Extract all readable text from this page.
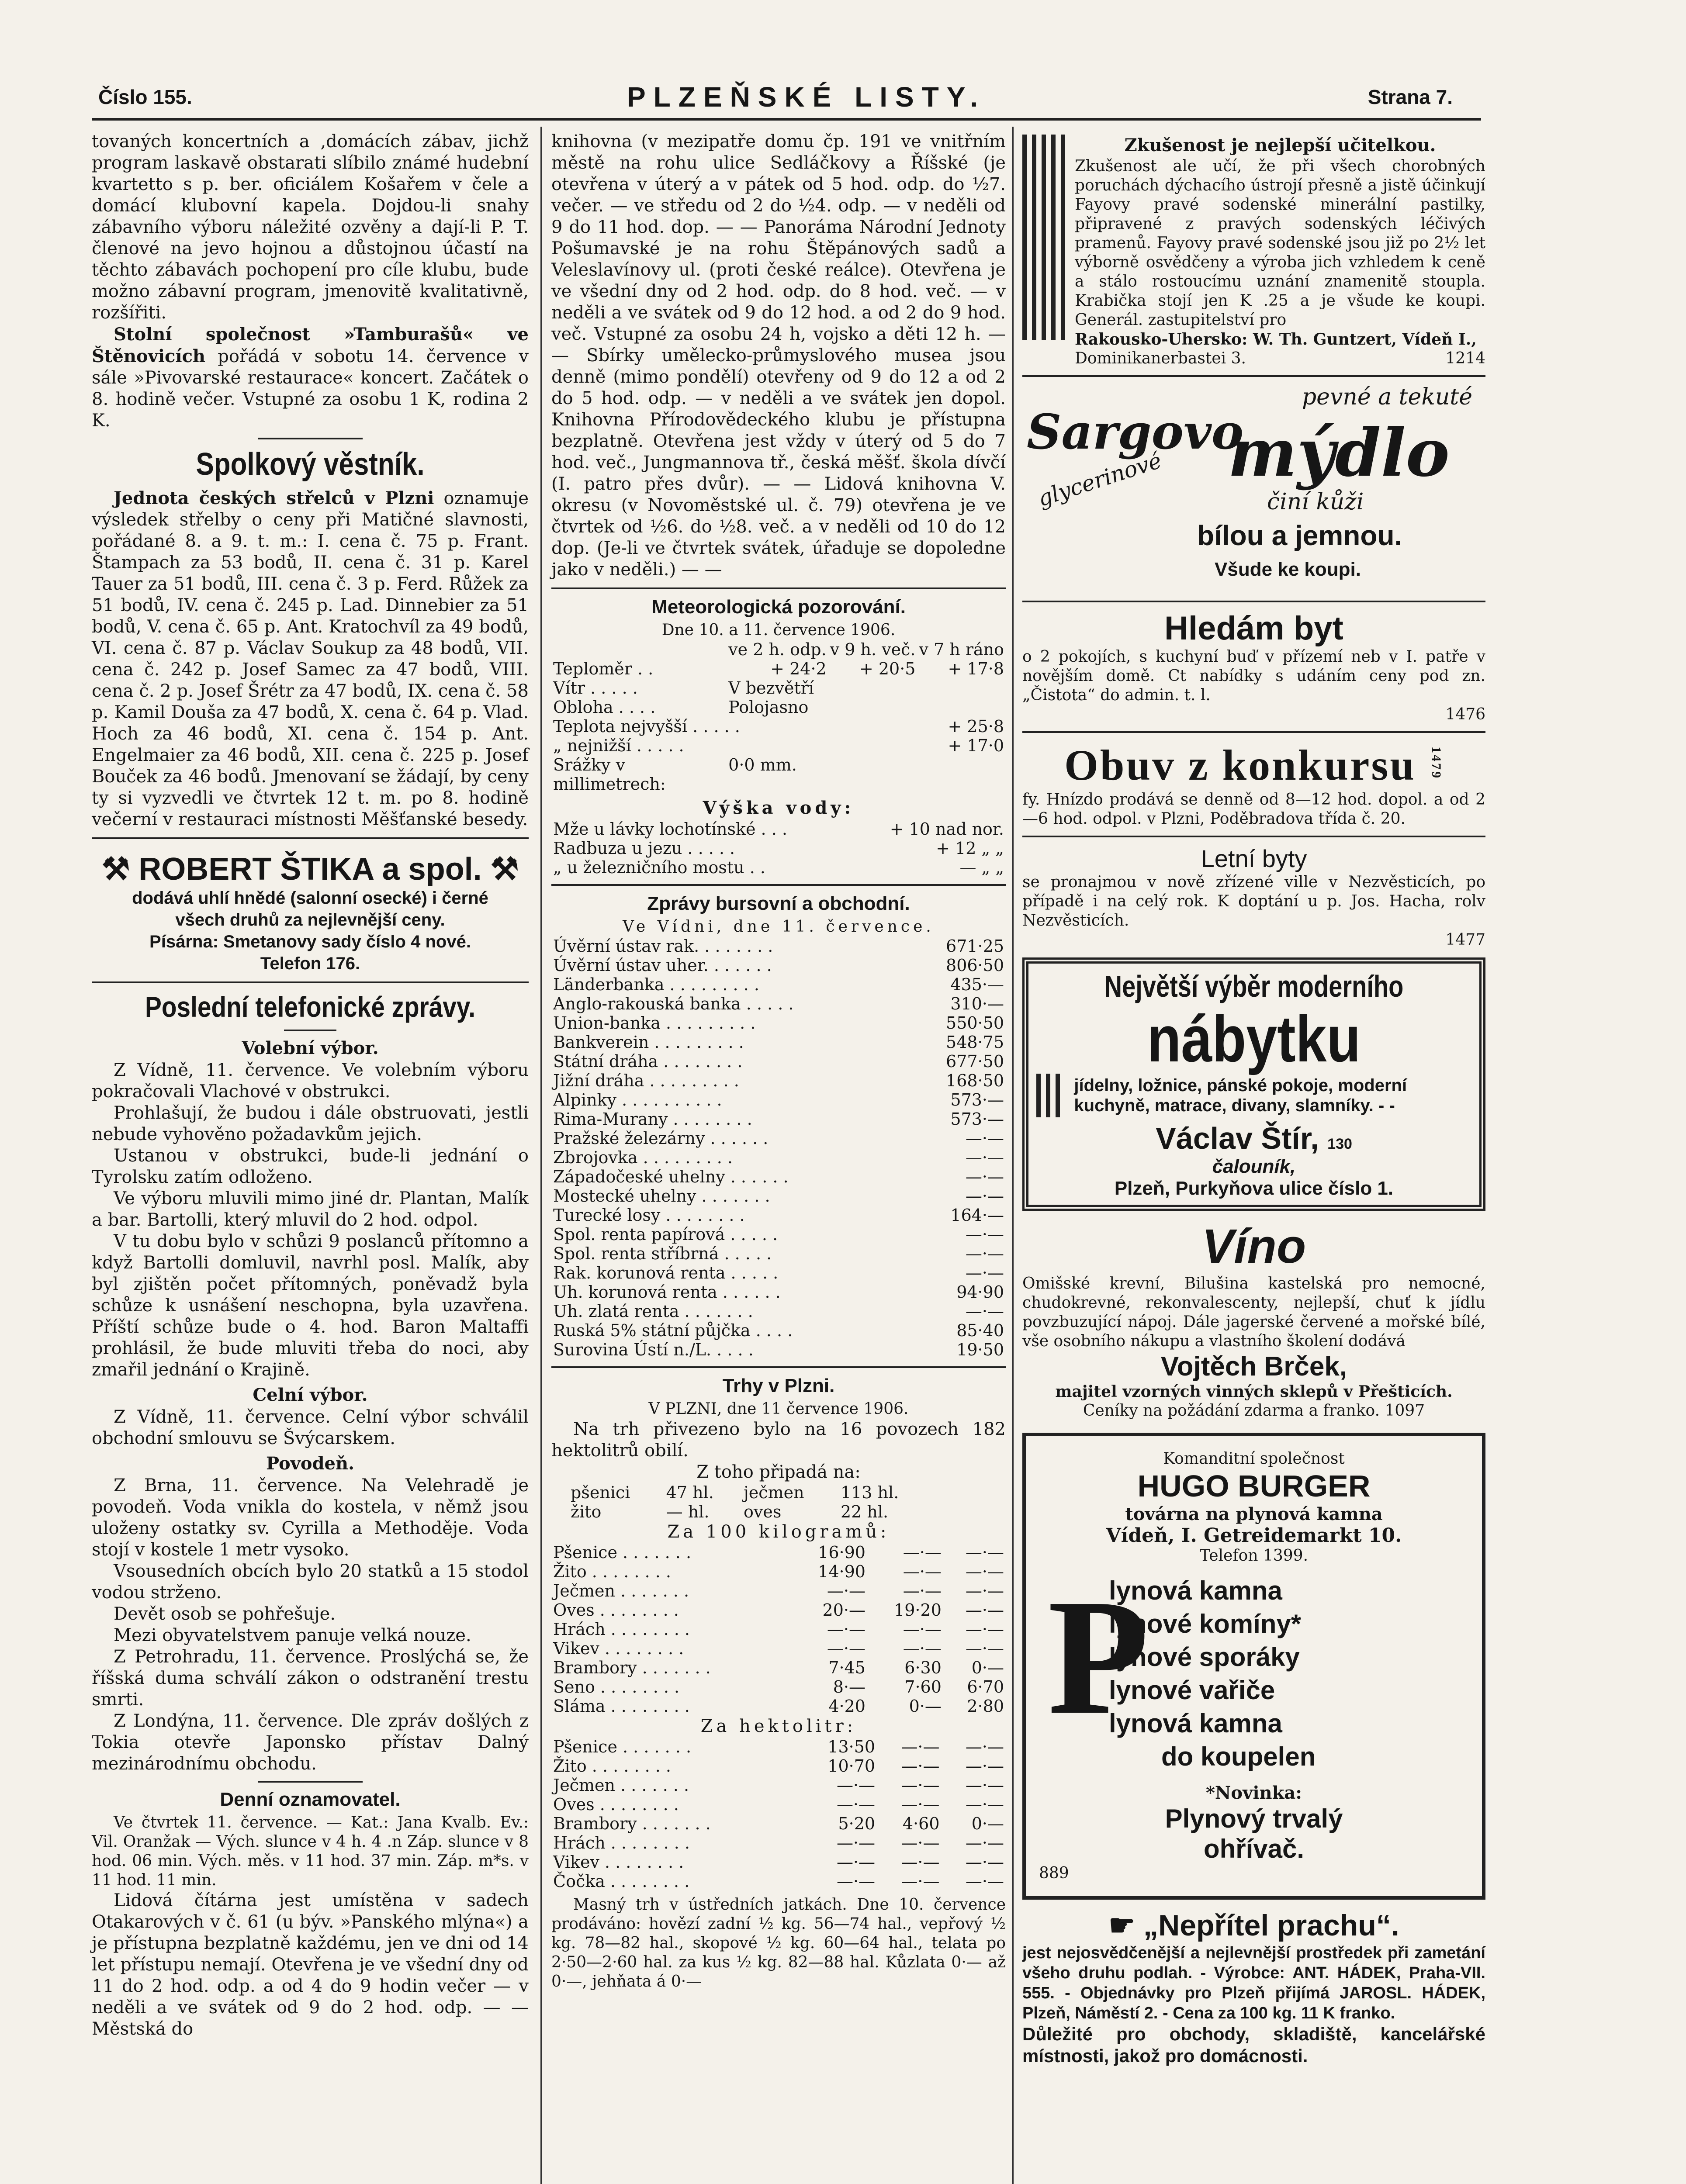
Číslo 155.	PLZEŇSKÉ LISTY.	Strana 7.

tovaných koncertních a ,domácích zábav, jichž program laskavě obstarati slíbilo známé hudební kvartetto s p. ber. oficiálem Košařem v čele a domácí klubovní kapela. Dojdou-li snahy zábavního výboru náležité ozvěny a dají-li P. T. členové na jevo hojnou a důstojnou účastí na těchto zábavách pochopení pro cíle klubu, bude možno zábavní program, jmenovitě kvalitativně, rozšířiti.

Stolní společnost »Tamburašů« ve Štěnovicích pořádá v sobotu 14. července v sále »Pivovarské restaurace« koncert. Začátek o 8. hodině večer. Vstupné za osobu 1 K, rodina 2 K.

Spolkový věstník.

Jednota českých střelců v Plzni oznamuje výsledek střelby o ceny při Matičné slavnosti, pořádané 8. a 9. t. m.: I. cena č. 75 p. Frant. Štampach za 53 bodů, II. cena č. 31 p. Karel Tauer za 51 bodů, III. cena č. 3 p. Ferd. Růžek za 51 bodů, IV. cena č. 245 p. Lad. Dinnebier za 51 bodů, V. cena č. 65 p. Ant. Kratochvíl za 49 bodů, VI. cena č. 87 p. Václav Soukup za 48 bodů, VII. cena č. 242 p. Josef Samec za 47 bodů, VIII. cena č. 2 p. Josef Šrétr za 47 bodů, IX. cena č. 58 p. Kamil Douša za 47 bodů, X. cena č. 64 p. Vlad. Hoch za 46 bodů, XI. cena č. 154 p. Ant. Engelmaier za 46 bodů, XII. cena č. 225 p. Josef Bouček za 46 bodů. Jmenovaní se žádají, by ceny ty si vyzvedli ve čtvrtek 12 t. m. po 8. hodině večerní v restauraci místnosti Měšťanské besedy.

⚒ ROBERT ŠTIKA a spol. ⚒
dodává uhlí hnědé (salonní osecké) i černé
všech druhů za nejlevnější ceny.
Písárna: Smetanovy sady číslo 4 nové.
Telefon 176.
Poslední telefonické zprávy.
Volební výbor.

Z Vídně, 11. července. Ve volebním výboru pokračovali Vlachové v obstrukci.

Prohlašují, že budou i dále obstruovati, jestli nebude vyhověno požadavkům jejich.

Ustanou v obstrukci, bude-li jednání o Tyrolsku zatím odloženo.

Ve výboru mluvili mimo jiné dr. Plantan, Malík a bar. Bartolli, který mluvil do 2 hod. odpol.

V tu dobu bylo v schůzi 9 poslanců přítomno a když Bartolli domluvil, navrhl posl. Malík, aby byl zjištěn počet přítomných, poněvadž byla schůze k usnášení neschopna, byla uzavřena. Příští schůze bude o 4. hod. Baron Maltaffi prohlásil, že bude mluviti třeba do noci, aby zmařil jednání o Krajině.

Celní výbor.

Z Vídně, 11. července. Celní výbor schválil obchodní smlouvu se Švýcarskem.

Povodeň.

Z Brna, 11. července. Na Velehradě je povodeň. Voda vnikla do kostela, v němž jsou uloženy ostatky sv. Cyrilla a Methoděje. Voda stojí v kostele 1 metr vysoko.

Vsousedních obcích bylo 20 statků a 15 stodol vodou strženo.

Devět osob se pohřešuje.

Mezi obyvatelstvem panuje velká nouze.

Z Petrohradu, 11. července. Proslýchá se, že říšská duma schválí zákon o odstranění trestu smrti.

Z Londýna, 11. července. Dle zpráv došlých z Tokia otevře Japonsko přístav Dalný mezinárodnímu obchodu.

Denní oznamovatel.

Ve čtvrtek 11. července. — Kat.: Jana Kvalb. Ev.: Vil. Oranžak — Vých. slunce v 4 h. 4 .n Záp. slunce v 8 hod. 06 min. Vých. měs. v 11 hod. 37 min. Záp. m*s. v 11 hod. 11 min.

Lidová čítárna jest umístěna v sadech Otakarových v č. 61 (u býv. »Panského mlýna«) a je přístupna bezplatně každému, jen ve dni od 14 let přístupu nemají. Otevřena je ve všední dny od 11 do 2 hod. odp. a od 4 do 9 hodin večer — v neděli a ve svátek od 9 do 2 hod. odp. — — Městská do

knihovna (v mezipatře domu čp. 191 ve vnitřním městě na rohu ulice Sedláčkovy a Říšské (je otevřena v úterý a v pátek od 5 hod. odp. do ½7. večer. — ve středu od 2 do ½4. odp. — v neděli od 9 do 11 hod. dop. — — Panoráma Národní Jednoty Pošumavské je na rohu Štěpánových sadů a Veleslavínovy ul. (proti české reálce). Otevřena je ve všední dny od 2 hod. odp. do 8 hod. več. — v neděli a ve svátek od 9 do 12 hod. a od 2 do 9 hod. več. Vstupné za osobu 24 h, vojsko a děti 12 h. — — Sbírky umělecko-průmyslového musea jsou denně (mimo pondělí) otevřeny od 9 do 12 a od 2 do 5 hod. odp. — v neděli a ve svátek jen dopol. Knihovna Přírodovědeckého klubu je přístupna bezplatně. Otevřena jest vždy v úterý od 5 do 7 hod. več., Jungmannova tř., česká měšť. škola dívčí (I. patro přes dvůr). — — Lidová knihovna V. okresu (v Novoměstské ul. č. 79) otevřena je ve čtvrtek od ½6. do ½8. več. a v neděli od 10 do 12 dop. (Je-li ve čtvrtek svátek, úřaduje se dopoledne jako v neděli.) — —

Meteorologická pozorování.
Dne 10. a 11. července 1906.
	ve 2 h. odp.	v 9 h. več.	v 7 h ráno
Teploměr . .	+ 24·2	+ 20·5	+ 17·8
Vítr . . . . .	V bezvětří		
Obloha . . . .	Polojasno		
Teplota nejvyšší . . . . .			+ 25·8
„ nejnižší . . . . .			+ 17·0
Srážky v millimetrech:	0·0 mm.		
Výška vody:
Mže u lávky lochotínské . . .	+ 10 nad nor.
Radbuza u jezu . . . . .	+ 12 „ „
„ u železničního mostu . .	— „ „
Zprávy bursovní a obchodní.
Ve Vídni, dne 11. července.
Úvěrní ústav rak. . . . . . . .	671·25
Úvěrní ústav uher. . . . . . .	806·50
Länderbanka . . . . . . . . .	435·—
Anglo-rakouská banka . . . . .	310·—
Union-banka . . . . . . . . .	550·50
Bankverein . . . . . . . . .	548·75
Státní dráha . . . . . . . .	677·50
Jižní dráha . . . . . . . . .	168·50
Alpinky . . . . . . . . . .	573·—
Rima-Murany . . . . . . . .	573·—
Pražské železárny . . . . . .	—·—
Zbrojovka . . . . . . . . .	—·—
Západočeské uhelny . . . . . .	—·—
Mostecké uhelny . . . . . . .	—·—
Turecké losy . . . . . . . .	164·—
Spol. renta papírová . . . . .	—·—
Spol. renta stříbrná . . . . .	—·—
Rak. korunová renta . . . . .	—·—
Uh. korunová renta . . . . . .	94·90
Uh. zlatá renta . . . . . . .	—·—
Ruská 5% státní půjčka . . . .	85·40
Surovina Ústí n./L. . . . .	19·50
Trhy v Plzni.
V PLZNI, dne 11 července 1906.

Na trh přivezeno bylo na 16 povozech 182 hektolitrů obilí.

Z toho připadá na:
pšenici	47 hl.	ječmen	113 hl.
žito	— hl.	oves	22 hl.
Za 100 kilogramů:
Pšenice . . . . . . .	16·90	—·—	—·—
Žito . . . . . . . .	14·90	—·—	—·—
Ječmen . . . . . . .	—·—	—·—	—·—
Oves . . . . . . . .	20·—	19·20	—·—
Hrách . . . . . . . .	—·—	—·—	—·—
Vikev . . . . . . . .	—·—	—·—	—·—
Brambory . . . . . . .	7·45	6·30	0·—
Seno . . . . . . . .	8·—	7·60	6·70
Sláma . . . . . . . .	4·20	0·—	2·80
Za hektolitr:
Pšenice . . . . . . .	13·50	—·—	—·—
Žito . . . . . . . .	10·70	—·—	—·—
Ječmen . . . . . . .	—·—	—·—	—·—
Oves . . . . . . . .	—·—	—·—	—·—
Brambory . . . . . . .	5·20	4·60	0·—
Hrách . . . . . . . .	—·—	—·—	—·—
Vikev . . . . . . . .	—·—	—·—	—·—
Čočka . . . . . . . .	—·—	—·—	—·—

Masný trh v ústředních jatkách. Dne 10. července prodáváno: hovězí zadní ½ kg. 56—74 hal., vepřový ½ kg. 78—82 hal., skopové ½ kg. 60—64 hal., telata po 2·50—2·60 hal. za kus ½ kg. 82—88 hal. Kůzlata 0·— až 0·—, jehňata á 0·—

Zkušenost je nejlepší učitelkou.

Zkušenost ale učí, že při všech chorobných poruchách dýchacího ústrojí přesně a jistě účinkují Fayovy pravé sodenské minerální pastilky, připravené z pravých sodenských léčivých pramenů. Fayovy pravé sodenské jsou již po 2½ let výborně osvědčeny a výroba jich vzhledem k ceně a stálo rostoucímu uznání znamenitě stoupla. Krabička stojí jen K .25 a je všude ke koupi. Generál. zastupitelství pro

Rakousko-Uhersko: W. Th. Guntzert, Vídeň I.,

Dominikanerbastei 3.	1214

pevné a tekuté
Sargovo
glycerinové mýdlo
činí kůži
bílou a jemnou.
Všude ke koupi.
Hledám byt

o 2 pokojích, s kuchyní buď v přízemí neb v I. patře v novějším domě. Ct nabídky s udáním ceny pod zn. „Čistota“ do admin. t. l.

1476

Obuv z konkursu 1479

fy. Hnízdo prodává se denně od 8—12 hod. dopol. a od 2—6 hod. odpol. v Plzni, Poděbradova třída č. 20.

Letní byty

se pronajmou v nově zřízené ville v Nezvěsticích, po případě i na celý rok. K doptání u p. Jos. Hacha, rolv Nezvěsticích.

1477

Největší výběr moderního
nábytku
jídelny, ložnice, pánské pokoje, moderní kuchyně, matrace, divany, slamníky. - -
Václav Štír, 130
čalouník,
Plzeň, Purkyňova ulice číslo 1.
Víno

Omišské krevní, Bilušina kastelská pro nemocné, chudokrevné, rekonvalescenty, nejlepší, chuť k jídlu povzbuzující nápoj. Dále jagerské červené a mořské bílé, vše osobního nákupu a vlastního školení dodává

Vojtěch Brček,
majitel vzorných vinných sklepů v Přešticích.

Ceníky na požádání zdarma a franko. 1097

Komanditní společnost
HUGO BURGER
továrna na plynová kamna
Vídeň, I. Getreidemarkt 10.
Telefon 1399.
P
lynová kamna
lynové komíny*
lynové sporáky
lynové vařiče
lynová kamna
do koupelen
*Novinka:
Plynový trvalý
ohřívač.
889
☛ „Nepřítel prachu“.

jest nejosvědčenější a nejlevnější prostředek při zametání všeho druhu podlah. - Výrobce: ANT. HÁDEK, Praha-VII. 555. - Objednávky pro Plzeň přijímá JAROSL. HÁDEK, Plzeň, Náměstí 2. - Cena za 100 kg. 11 K franko.

Důležité pro obchody, skladiště, kancelářské místnosti, jakož pro domácnosti.
